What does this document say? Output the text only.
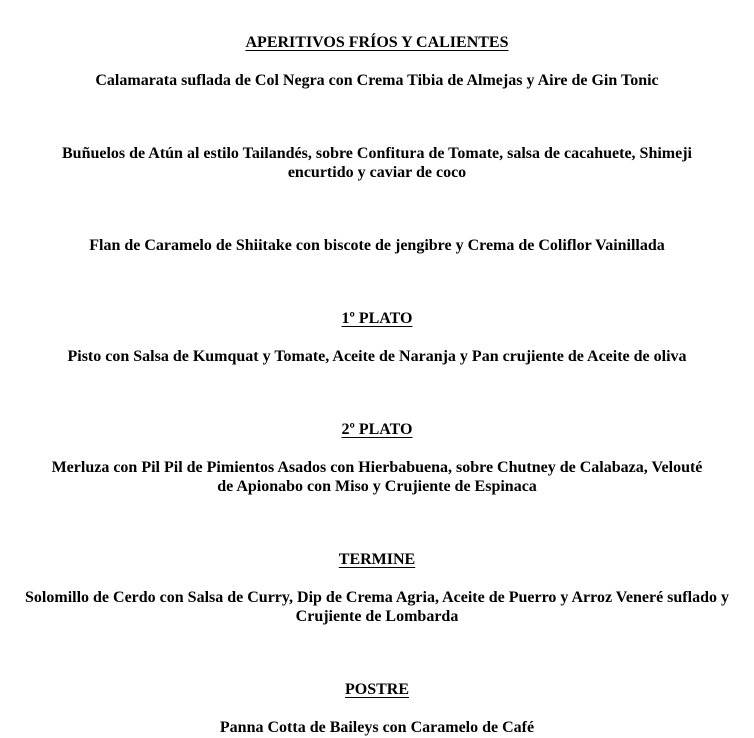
APERITIVOS FRÍOS Y CALIENTES

Calamarata suflada de Col Negra con Crema Tibia de Almejas y Aire de Gin Tonic

Buñuelos de Atún al estilo Tailandés, sobre Confitura de Tomate, salsa de cacahuete, Shimeji
encurtido y caviar de coco

Flan de Caramelo de Shiitake con biscote de jengibre y Crema de Coliflor Vainillada

1º PLATO

Pisto con Salsa de Kumquat y Tomate, Aceite de Naranja y Pan crujiente de Aceite de oliva

2º PLATO

Merluza con Pil Pil de Pimientos Asados con Hierbabuena, sobre Chutney de Calabaza, Velouté
de Apionabo con Miso y Crujiente de Espinaca

TERMINE

Solomillo de Cerdo con Salsa de Curry, Dip de Crema Agria, Aceite de Puerro y Arroz Veneré suflado y
Crujiente de Lombarda

POSTRE

Panna Cotta de Baileys con Caramelo de Café
